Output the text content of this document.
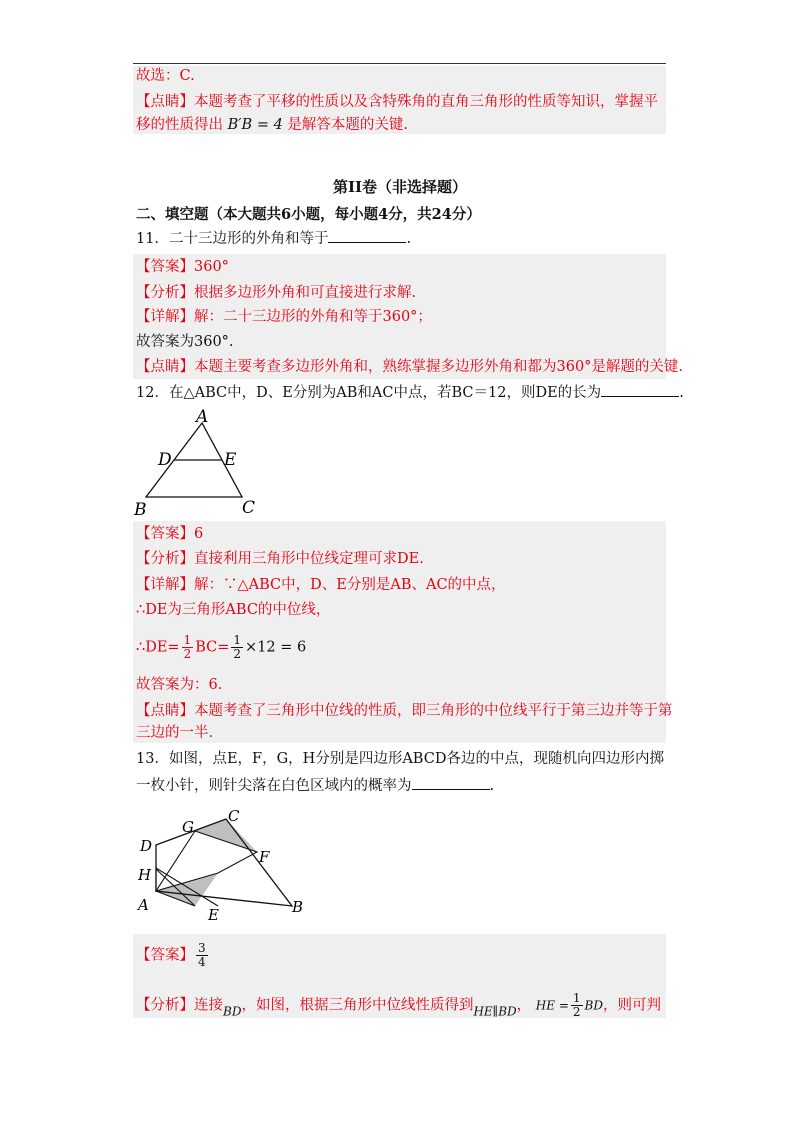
故选：C.
【点睛】本题考查了平移的性质以及含特殊角的直角三角形的性质等知识，掌握平
移的性质得出 B′B = 4 是解答本题的关键.
第II卷（非选择题）
二、填空题（本大题共6小题，每小题4分，共24分）
11．二十三边形的外角和等于	.
【答案】360°
【分析】根据多边形外角和可直接进行求解.
【详解】解：二十三边形的外角和等于360°；
故答案为360°.
【点睛】本题主要考查多边形外角和，熟练掌握多边形外角和都为360°是解题的关键.
12．在△ABC中，D、E分别为AB和AC中点，若BC＝12，则DE的长为	.
A
D	E
B	C
【答案】6
【分析】直接利用三角形中位线定理可求DE.
【详解】解：∵△ABC中，D、E分别是AB、AC的中点，
∴DE为三角形ABC的中位线，
∴DE= $\frac{1}{2} BC= \frac{1}{2} \times 12 = 6$
故答案为：6.
【点睛】本题考查了三角形中位线的性质，即三角形的中位线平行于第三边并等于第
三边的一半.
13．如图，点E，F，G，H分别是四边形ABCD各边的中点，现随机向四边形内掷
一枚小针，则针尖落在白色区域内的概率为	.
C
G
D
F
H
A
E	B
【答案】 $\frac{3}{4}$
【分析】连接$_{BD}$，如图，根据三角形中位线性质得到$_{HE\parallel BD}$， HE = $\frac{1}{2}$ BD，则可判
